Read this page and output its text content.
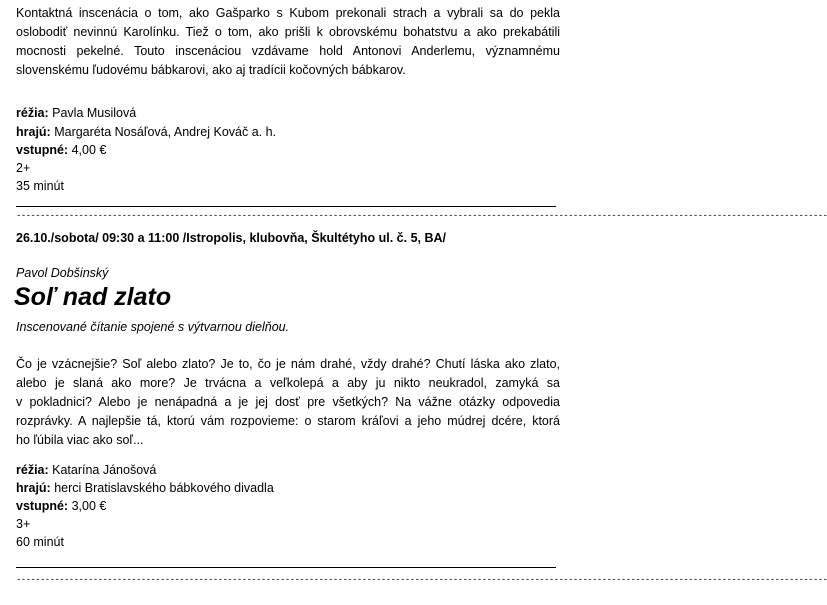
Kontaktná inscenácia o tom, ako Gašparko s Kubom prekonali strach a vybrali sa do pekla
oslobodiť nevinnú Karolínku. Tiež o tom, ako prišli k obrovskému bohatstvu a ako prekabátili
mocnosti pekelné. Touto inscenáciou vzdávame hold Antonovi Anderlemu, významnému
slovenskému ľudovému bábkarovi, ako aj tradícii kočovných bábkarov.
réžia: Pavla Musilová
hrajú: Margaréta Nosáľová, Andrej Kováč a. h.
vstupné: 4,00 €
2+
35 minút
-------------------------------------------------------------------------------------------------------------------------------------------------------------------------
26.10./sobota/ 09:30 a 11:00 /Istropolis, klubovňa, Škultétyho ul. č. 5, BA/
Pavol Dobšinský
Soľ nad zlato
Inscenované čítanie spojené s výtvarnou dielňou.
Čo je vzácnejšie? Soľ alebo zlato? Je to, čo je nám drahé, vždy drahé? Chutí láska ako zlato,
alebo je slaná ako more? Je trvácna a veľkolepá a aby ju nikto neukradol, zamyká sa
v pokladnici? Alebo je nenápadná a je jej dosť pre všetkých? Na vážne otázky odpovedia
rozprávky. A najlepšie tá, ktorú vám rozpovieme: o starom kráľovi a jeho múdrej dcére, ktorá
ho ľúbila viac ako soľ...
réžia: Katarína Jánošová
hrajú: herci Bratislavského bábkového divadla
vstupné: 3,00 €
3+
60 minút
-------------------------------------------------------------------------------------------------------------------------------------------------------------------------
